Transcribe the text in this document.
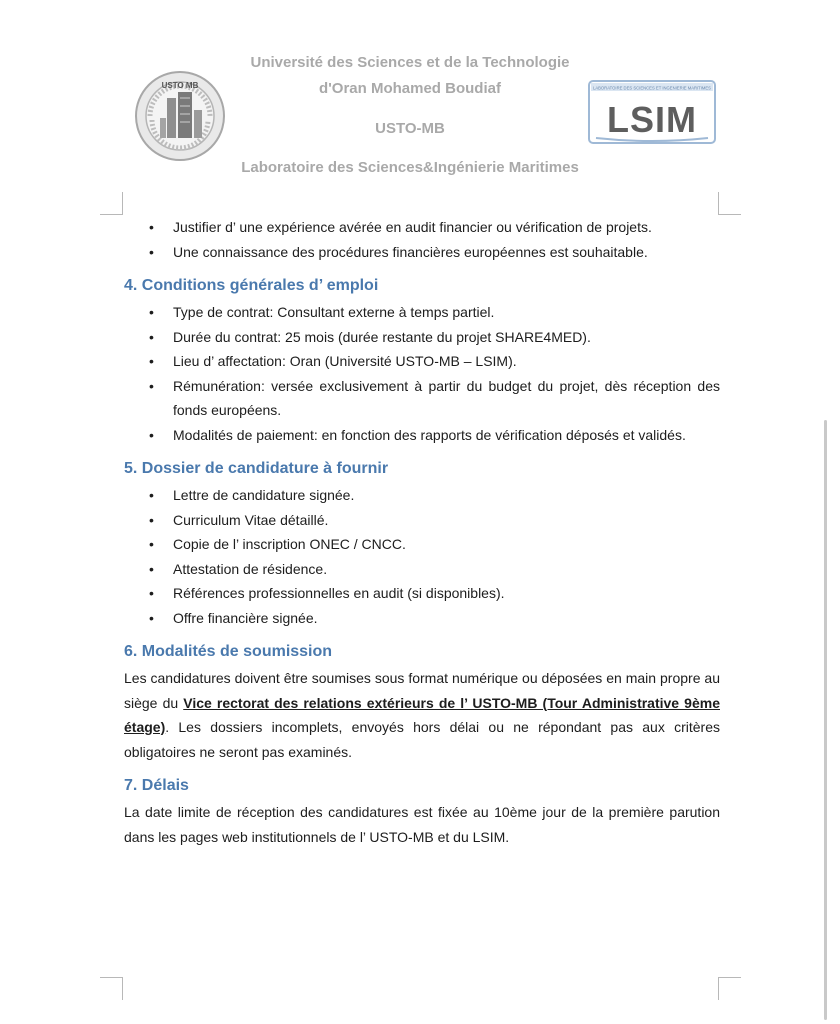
Université des Sciences et de la Technologie
d'Oran Mohamed Boudiaf
USTO-MB
Laboratoire des Sciences&Ingénierie Maritimes
USTO MB	LABORATOIRE DES SCIENCES ET INGENIERIE MARITIMES
LSIM
• Justifier d’ une expérience avérée en audit financier ou vérification de projets.
• Une connaissance des procédures financières européennes est souhaitable.
4. Conditions générales d’ emploi
• Type de contrat: Consultant externe à temps partiel.
• Durée du contrat: 25 mois (durée restante du projet SHARE4MED).
• Lieu d’ affectation: Oran (Université USTO-MB – LSIM).
• Rémunération: versée exclusivement à partir du budget du projet, dès réception des fonds européens.
• Modalités de paiement: en fonction des rapports de vérification déposés et validés.
5. Dossier de candidature à fournir
• Lettre de candidature signée.
• Curriculum Vitae détaillé.
• Copie de l’ inscription ONEC / CNCC.
• Attestation de résidence.
• Références professionnelles en audit (si disponibles).
• Offre financière signée.
6. Modalités de soumission

Les candidatures doivent être soumises sous format numérique ou déposées en main propre au siège du Vice rectorat des relations extérieurs de l’ USTO-MB (Tour Administrative 9ème étage). Les dossiers incomplets, envoyés hors délai ou ne répondant pas aux critères obligatoires ne seront pas examinés.

7. Délais

La date limite de réception des candidatures est fixée au 10ème jour de la première parution dans les pages web institutionnels de l’ USTO-MB et du LSIM.
